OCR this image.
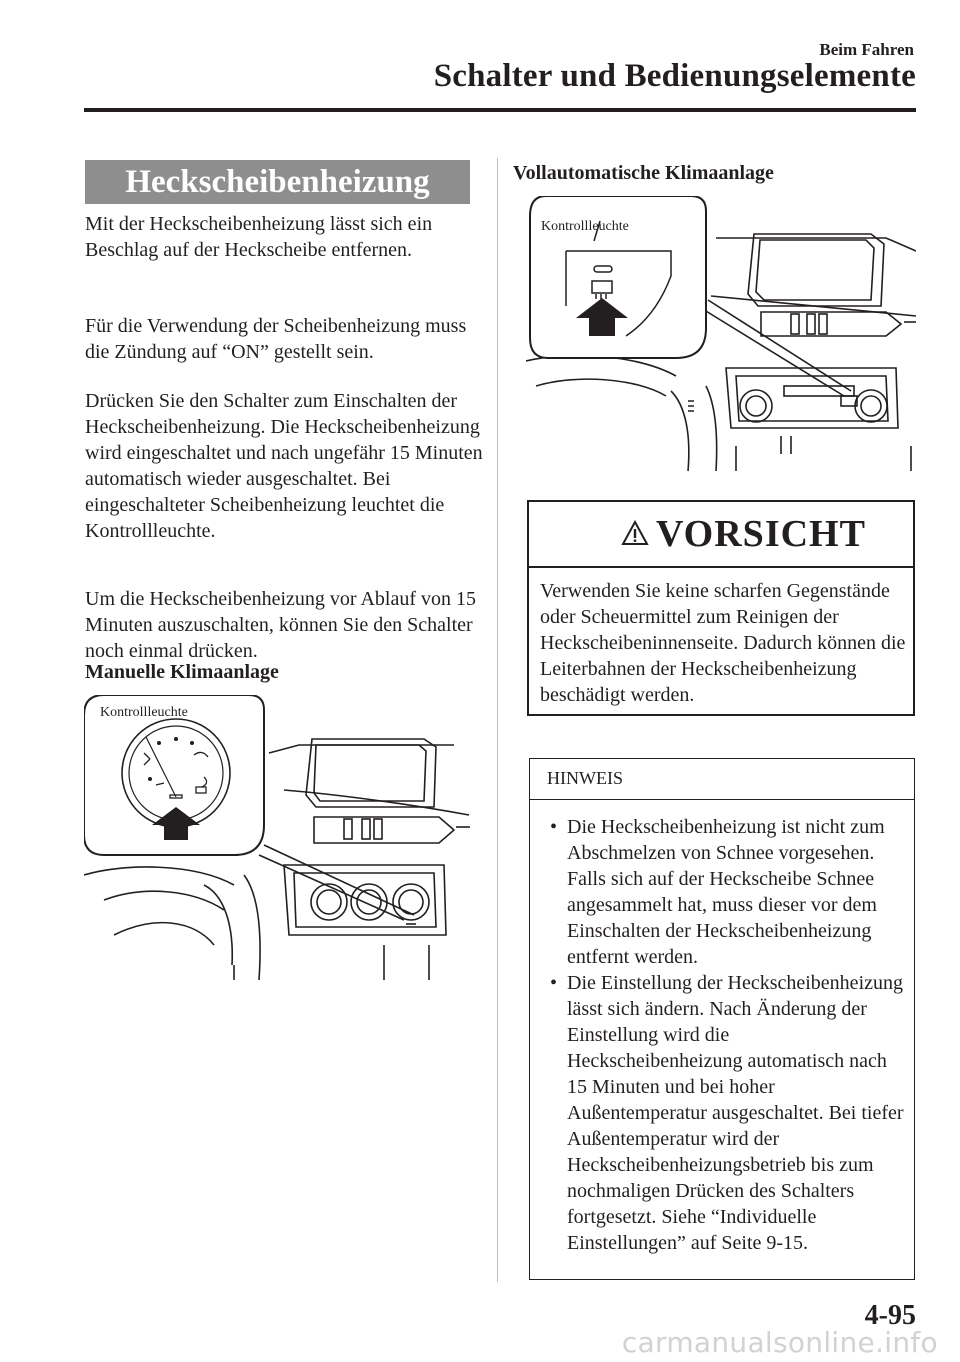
Beim Fahren
Schalter und Bedienungselemente
Heckscheibenheizung
Mit der Heckscheibenheizung lässt sich ein Beschlag auf der Heckscheibe entfernen.
Für die Verwendung der Scheibenheizung muss die Zündung auf “ON” gestellt sein.
Drücken Sie den Schalter zum Einschalten der Heckscheibenheizung. Die Heckscheibenheizung wird eingeschaltet und nach ungefähr 15 Minuten automatisch wieder ausgeschaltet. Bei eingeschalteter Scheibenheizung leuchtet die Kontrollleuchte.
Um die Heckscheibenheizung vor Ablauf von 15 Minuten auszuschalten, können Sie den Schalter noch einmal drücken.
Manuelle Klimaanlage
Kontrollleuchte
Vollautomatische Klimaanlage
Kontrollleuchte
VORSICHT
Verwenden Sie keine scharfen Gegenstände oder Scheuermittel zum Reinigen der Heckscheibeninnenseite. Dadurch können die Leiterbahnen der Heckscheibenheizung beschädigt werden.
HINWEIS
• Die Heckscheibenheizung ist nicht zum Abschmelzen von Schnee vorgesehen. Falls sich auf der Heckscheibe Schnee angesammelt hat, muss dieser vor dem Einschalten der Heckscheibenheizung entfernt werden.
• Die Einstellung der Heckscheibenheizung lässt sich ändern. Nach Änderung der Einstellung wird die Heckscheibenheizung automatisch nach 15 Minuten und bei hoher Außentemperatur ausgeschaltet. Bei tiefer Außentemperatur wird der Heckscheibenheizungsbetrieb bis zum nochmaligen Drücken des Schalters fortgesetzt. Siehe “Individuelle Einstellungen” auf Seite 9-15.
4-95
carmanualsonline.info
